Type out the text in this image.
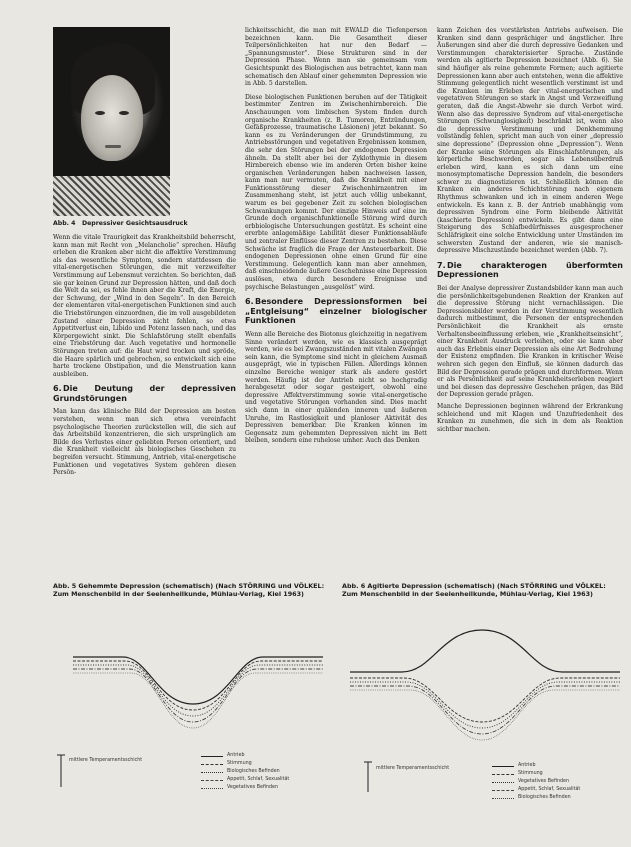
Abb. 4 Depressiver Gesichtsausdruck

Wenn die vitale Traurigkeit das Krankheitsbild beherrscht, kann man mit Recht von „Melancholie“ sprechen. Häufig erleben die Kranken aber nicht die affektive Verstimmung als das wesentliche Symptom, sondern stattdessen die vital-energetischen Störungen, die mit verzweifelter Verstimmung auf Lebensmut verzichten. So berichten, daß sie gar keinen Grund zur Depression hätten, und daß doch die Welt da sei, es fehle ihnen aber die Kraft, die Energie, der Schwung, der „Wind in den Segeln“. In den Bereich der elementaren vital-energetischen Funktionen sind auch die Triebstörungen einzuordnen, die im voll ausgebildeten Zustand einer Depression nicht fehlen, so etwa Appetitverlust ein, Libido und Potenz lassen nach, und das Körpergewicht sinkt. Die Schlafstörung stellt ebenfalls eine Triebstörung dar. Auch vegetative und hormonelle Störungen treten auf: die Haut wird trocken und spröde, die Haare spärlich und gebrochen, so entwickelt sich eine harte trockene Obstipation, und die Menstruation kann ausbleiben.

6.Die Deutung der depressiven Grundstörungen

Man kann das klinische Bild der Depression am besten verstehen, wenn man sich etwa vereinfacht psychologische Theorien zurückstellen will, die sich auf das Arbeitsbild konzentrieren, die sich ursprünglich am Bilde des Verlustes einer geliebten Person orientiert, und die Krankheit vielleicht als biologisches Geschehen zu begreifen versucht. Stimmung, Antrieb, vital-energetische Funktionen und vegetatives System gehören diesen Persön-

lichkeitsschicht, die man mit EWALD die Tiefenperson bezeichnen kann. Die Gesamtheit dieser Teilpersönlichkeiten hat nur den Bedarf — „Spannungsmuster“. Diese Strukturen sind in der Depression Phase. Wenn man sie gemeinsam vom Gesichtspunkt des Biologischen aus betrachtet, kann man schematisch den Ablauf einer gehemmten Depression wie in Abb. 5 darstellen.

Diese biologischen Funktionen beruhen auf der Tätigkeit bestimmter Zentren im Zwischenhirnbereich. Die Anschauungen vom limbischen System finden durch organische Krankheiten (z. B. Tumoren, Entzündungen, Gefäßprozesse, traumatische Läsionen) jetzt bekannt. So kann es zu Veränderungen der Grundstimmung, zu Antriebsstörungen und vegetativen Ergebnissen kommen, die sehr den Störungen bei der endogenen Depression ähneln. Da stellt aber bei der Zyklothymie in diesem Hirnbereich ebenso wie im anderen Orten bisher keine organischen Veränderungen haben nachweisen lassen, kann man nur vermuten, daß die Krankheit mit einer Funktionsstörung dieser Zwischenhirnzentren im Zusammenhang steht, ist jetzt auch völlig unbekannt, warum es bei gegebener Zeit zu solchen biologischen Schwankungen kommt. Der einzige Hinweis auf eine im Grunde doch organischfunktionelle Störung wird durch erbbiologische Untersuchungen gestützt. Es scheint eine ererbte anlagemäßige Labilität dieser Funktionsabläufe und zentraler Einflüsse dieser Zentren zu bestehen. Diese Schwäche ist fraglich die Frage der Ansteuerbarkeit. Die endogenen Depressionen ohne einen Grund für eine Verstimmung. Gelegentlich kann man aber annehmen, daß einschneidende äußere Geschehnisse eine Depression auslösen, etwa durch besondere Ereignisse und psychische Belastungen „ausgelöst“ wird.

6.Besondere Depressionsformen bei „Entgleisung“ einzelner biologischer Funktionen

Wenn alle Bereiche des Biotonus gleichzeitig in negativem Sinne verändert werden, wie es klassisch ausgeprägt werden, wie es bei Zwangszuständen mit vitalen Zwängen sein kann, die Symptome sind nicht in gleichem Ausmaß ausgeprägt, wie in typischen Fällen. Allerdings können einzelne Bereiche weniger stark als andere gestört werden. Häufig ist der Antrieb nicht so hochgradig herabgesetzt oder sogar gesteigert, obwohl eine depressive Affektverstimmung sowie vital-energetische und vegetative Störungen vorhanden sind. Dies macht sich dann in einer quälenden inneren und äußeren Unruhe, im Rastlosigkeit und planloser Aktivität des Depressiven bemerkbar. Die Kranken können im Gegensatz zum gehemmten Depressiven nicht im Bett bleiben, sondern eine ruhelose umher. Auch das Denken

kann Zeichen des vorstärksten Antriebs aufweisen. Die Kranken sind dann gesprächiger und ängstlicher. Ihre Äußerungen sind aber die durch depressive Gedanken und Verstimmungen charakterisierter Sprache. Zustände werden als agitierte Depression bezeichnet (Abb. 6). Sie sind häufiger als reine gehemmte Formen; auch agitierte Depressionen kann aber auch entstehen, wenn die affektive Stimmung gelegentlich nicht wesentlich verstimmt ist und die Kranken im Erleben der vital-energetischen und vegetativen Störungen so stark in Angst und Verzweiflung geraten, daß die Angst-Abwehr sie durch Verbot wird. Wenn also das depressive Syndrom auf vital-energetische Störungen (Schwunglosigkeit) beschränkt ist, wenn also die depressive Verstimmung und Denkhemmung vollständig fehlen, spricht man auch von einer „depressio sine depressione“ (Depression ohne „Depression“). Wenn der Kranke seine Störungen als Einschlafstörungen, als körperliche Beschwerden, sogar als Lebensüberdruß erleben wird, kann es sich dann um eine monosymptomatische Depression handeln, die besonders schwer zu diagnostizieren ist. Schließlich können die Kranken ein anderes Schichtstörung nach eigenem Rhythmus schwanken und ich in einem anderen Wege entwickeln. Es kann z. B. der Antrieb unabhängig vom depressiven Syndrom eine Form bleibende Aktivität (kaschierte Depression) entwickeln. Es gibt dann eine Steigerung des Schlafbedürfnisses ausgesprochener Schläfrigkeit eine solche Entwicklung unter Umständen im schwersten Zustand der anderen, wie sie manisch-depressive Mischzustände bezeichnet werden (Abb. 7).

7.Die charakterogen überformten Depressionen

Bei der Analyse depressiver Zustandsbilder kann man auch die persönlichkeitsgebundenen Reaktion der Kranken auf die depressive Störung nicht vernachlässigen. Die Depressionsbilder werden in der Verstimmung wesentlich dadurch mitbestimmt, die Personen der entsprechenden Persönlichkeit die Krankheit als ernste Verhaltensbeeinflussung erleben, wie „Krankheitseinsicht“, einer Krankheit Ausdruck verleihen, oder sie kann aber auch das Erlebnis einer Depression als eine Art Bedrohung der Existenz empfinden. Die Kranken in kritischer Weise wehren sich gegen den Einfluß, sie können dadurch das Bild der Depression gerade prägen und durchformen. Wenn er als Persönlichkeit auf seine Krankheitserleben reagiert und bei diesen das depressive Geschehen prägen, das Bild der Depression gerade prägen.

Manche Depressionen beginnen während der Erkrankung schleichend und mit Klagen und Unzufriedenheit des Kranken zu zunehmen, die sich in dem als Reaktion sichtbar machen.

Abb. 5 Gehemmte Depression (schematisch) (Nach STÖRRING und VÖLKEL: Zum Menschenbild in der Seelenheilkunde, Mühlau-Verlag, Kiel 1963)
mittlere Temperamentsschicht
Antrieb
Stimmung
Biologisches Befinden
Appetit, Schlaf, Sexualität
Vegetatives Befinden
Abb. 6 Agitierte Depression (schematisch) (Nach STÖRRING und VÖLKEL: Zum Menschenbild in der Seelenheilkunde, Mühlau-Verlag, Kiel 1963)
mittlere Temperamentsschicht
Antrieb
Stimmung
Vegetatives Befinden
Appetit, Schlaf, Sexualität
Biologisches Befinden
